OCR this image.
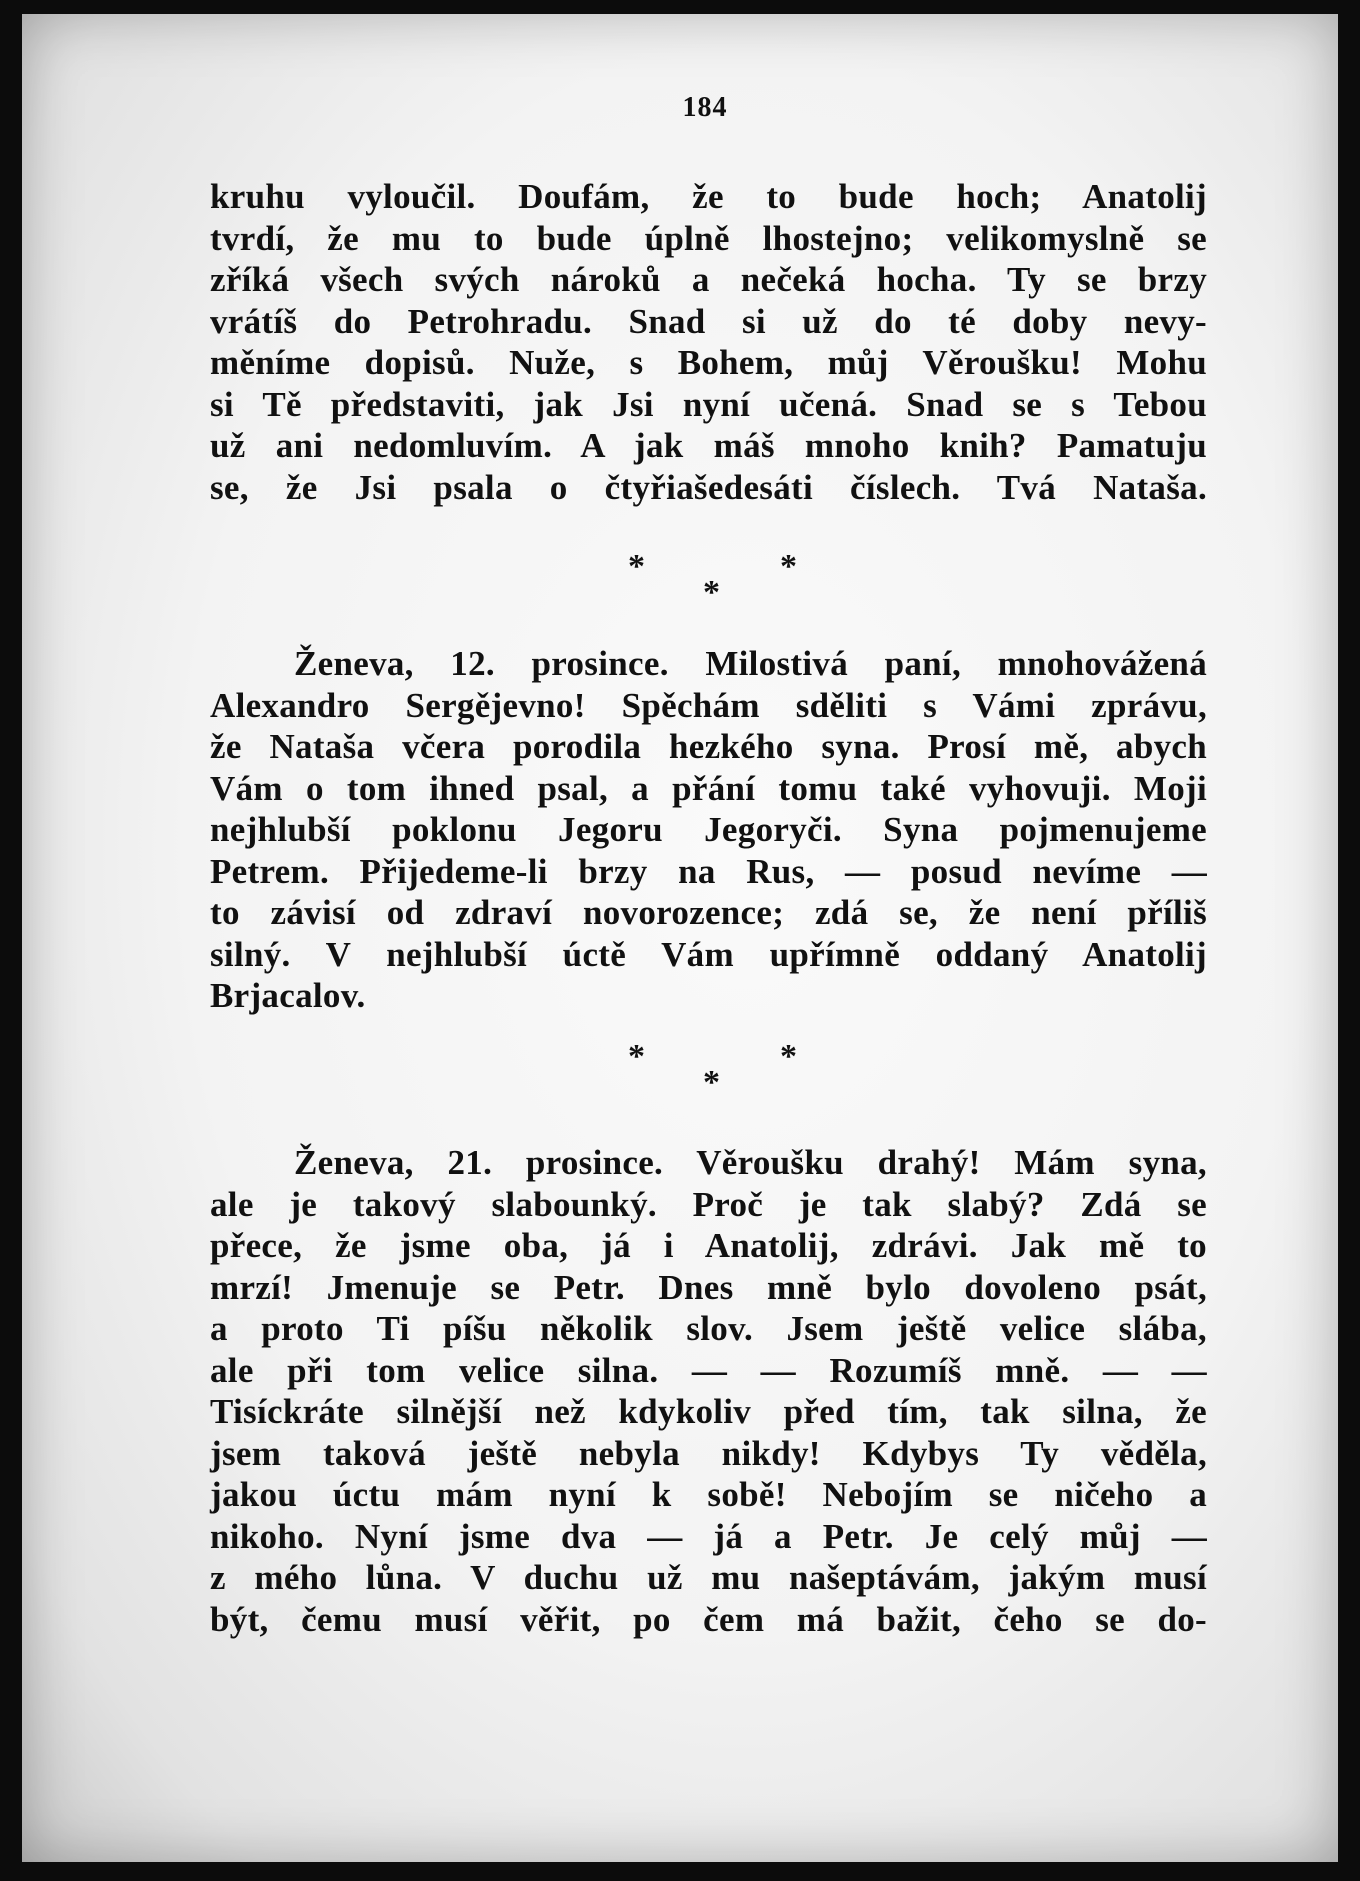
184
kruhu vyloučil. Doufám, že to bude hoch; Anatolij
tvrdí, že mu to bude úplně lhostejno; velikomyslně se
zříká všech svých nároků a nečeká hocha. Ty se brzy
vrátíš do Petrohradu. Snad si už do té doby nevy-
měníme dopisů. Nuže, s Bohem, můj Věroušku! Mohu
si Tě představiti, jak Jsi nyní učená. Snad se s Tebou
už ani nedomluvím. A jak máš mnoho knih? Pamatuju
se, že Jsi psala o čtyřiašedesáti číslech. Tvá Nataša.
*
*
*
Ženeva, 12. prosince. Milostivá paní, mnohovážená
Alexandro Sergějevno! Spěchám sděliti s Vámi zprávu,
že Nataša včera porodila hezkého syna. Prosí mě, abych
Vám o tom ihned psal, a přání tomu také vyhovuji. Moji
nejhlubší poklonu Jegoru Jegoryči. Syna pojmenujeme
Petrem. Přijedeme-li brzy na Rus, — posud nevíme —
to závisí od zdraví novorozence; zdá se, že není příliš
silný. V nejhlubší úctě Vám upřímně oddaný Anatolij
Brjacalov.
*
*
*
Ženeva, 21. prosince. Věroušku drahý! Mám syna,
ale je takový slabounký. Proč je tak slabý? Zdá se
přece, že jsme oba, já i Anatolij, zdrávi. Jak mě to
mrzí! Jmenuje se Petr. Dnes mně bylo dovoleno psát,
a proto Ti píšu několik slov. Jsem ještě velice slába,
ale při tom velice silna. — — Rozumíš mně. — —
Tisíckráte silnější než kdykoliv před tím, tak silna, že
jsem taková ještě nebyla nikdy! Kdybys Ty věděla,
jakou úctu mám nyní k sobě! Nebojím se ničeho a
nikoho. Nyní jsme dva — já a Petr. Je celý můj —
z mého lůna. V duchu už mu našeptávám, jakým musí
být, čemu musí věřit, po čem má bažit, čeho se do-
